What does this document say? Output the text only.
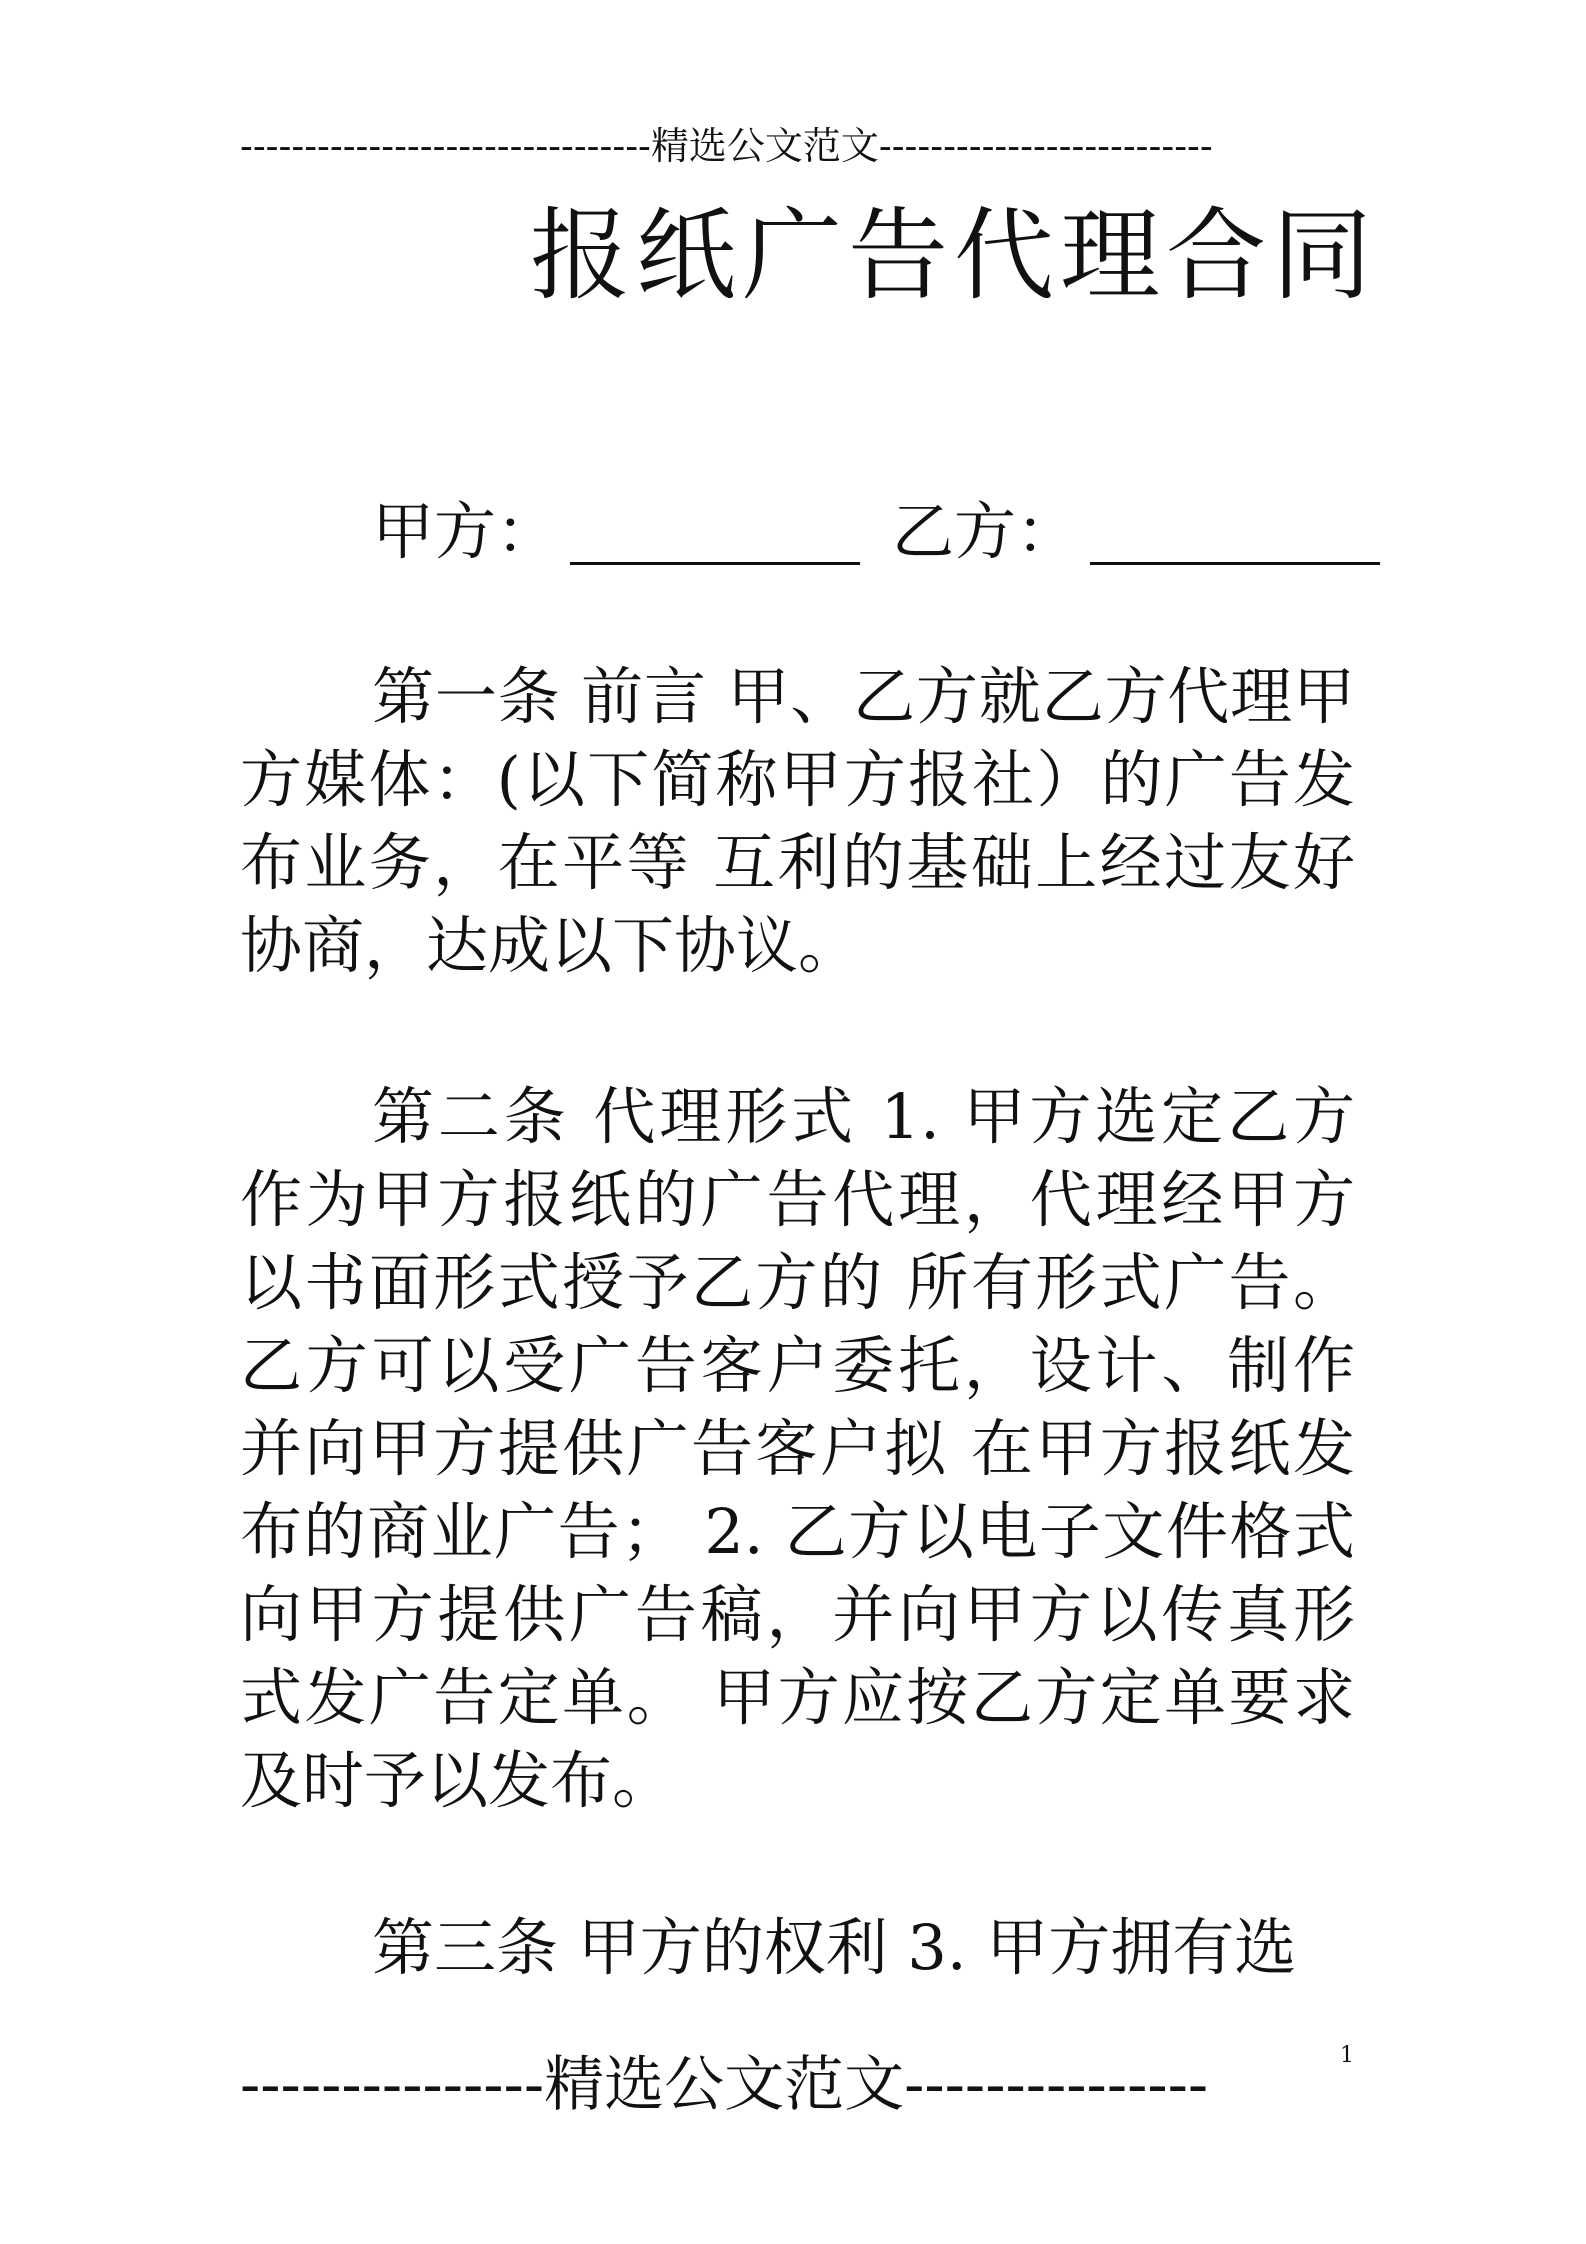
--------------------------------精选公文范文--------------------------
报纸广告代理合同
甲方：	乙方：
第一条 前言 甲、乙方就乙方代理甲方媒体：(以下简称甲方报社）的广告发布业务，在平等 互利的基础上经过友好协商，达成以下协议。
第二条 代理形式 1. 甲方选定乙方作为甲方报纸的广告代理，代理经甲方以书面形式授予乙方的 所有形式广告。乙方可以受广告客户委托，设计、制作并向甲方提供广告客户拟 在甲方报纸发布的商业广告； 2. 乙方以电子文件格式向甲方提供广告稿，并向甲方以传真形式发广告定单。 甲方应按乙方定单要求及时予以发布。
第三条 甲方的权利 3. 甲方拥有选
1
---------------精选公文范文---------------
